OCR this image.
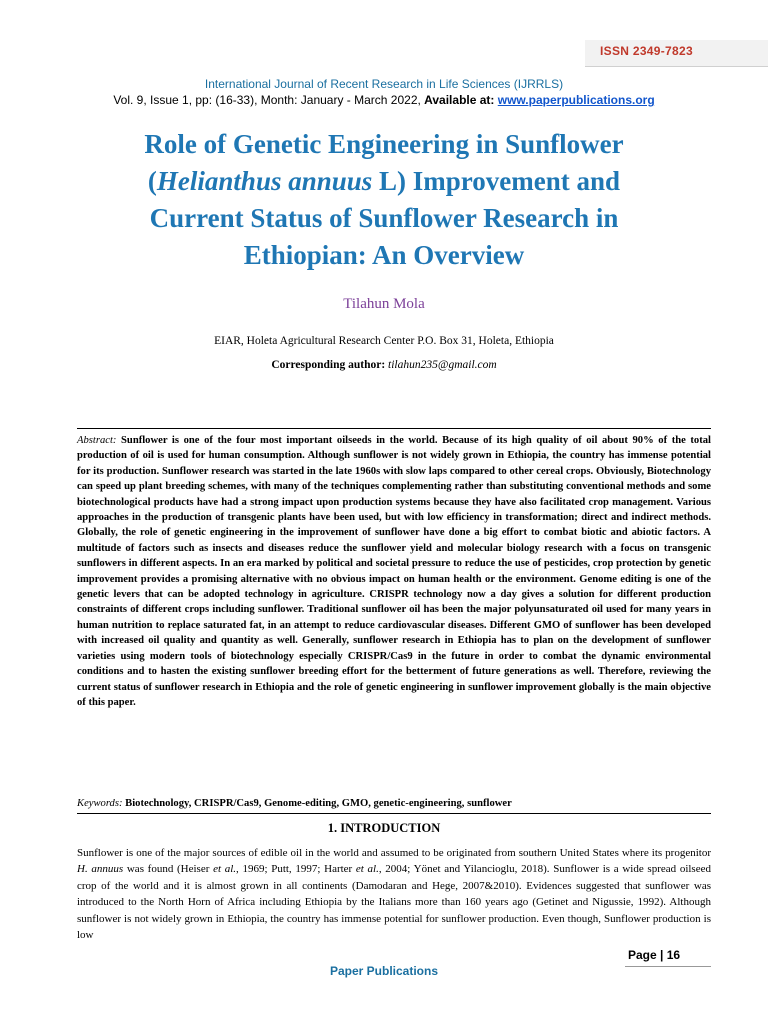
ISSN 2349-7823
International Journal of Recent Research in Life Sciences (IJRRLS)
Vol. 9, Issue 1, pp: (16-33), Month: January - March 2022, Available at: www.paperpublications.org
Role of Genetic Engineering in Sunflower
(Helianthus annuus L) Improvement and
Current Status of Sunflower Research in
Ethiopian: An Overview
Tilahun Mola
EIAR, Holeta Agricultural Research Center P.O. Box 31, Holeta, Ethiopia
Corresponding author: tilahun235@gmail.com

Abstract: Sunflower is one of the four most important oilseeds in the world. Because of its high quality of oil about 90% of the total production of oil is used for human consumption. Although sunflower is not widely grown in Ethiopia, the country has immense potential for its production. Sunflower research was started in the late 1960s with slow laps compared to other cereal crops. Obviously, Biotechnology can speed up plant breeding schemes, with many of the techniques complementing rather than substituting conventional methods and some biotechnological products have had a strong impact upon production systems because they have also facilitated crop management. Various approaches in the production of transgenic plants have been used, but with low efficiency in transformation; direct and indirect methods. Globally, the role of genetic engineering in the improvement of sunflower have done a big effort to combat biotic and abiotic factors. A multitude of factors such as insects and diseases reduce the sunflower yield and molecular biology research with a focus on transgenic sunflowers in different aspects. In an era marked by political and societal pressure to reduce the use of pesticides, crop protection by genetic improvement provides a promising alternative with no obvious impact on human health or the environment. Genome editing is one of the genetic levers that can be adopted technology in agriculture. CRISPR technology now a day gives a solution for different production constraints of different crops including sunflower. Traditional sunflower oil has been the major polyunsaturated oil used for many years in human nutrition to replace saturated fat, in an attempt to reduce cardiovascular diseases. Different GMO of sunflower has been developed with increased oil quality and quantity as well. Generally, sunflower research in Ethiopia has to plan on the development of sunflower varieties using modern tools of biotechnology especially CRISPR/Cas9 in the future in order to combat the dynamic environmental conditions and to hasten the existing sunflower breeding effort for the betterment of future generations as well. Therefore, reviewing the current status of sunflower research in Ethiopia and the role of genetic engineering in sunflower improvement globally is the main objective of this paper.

Keywords: Biotechnology, CRISPR/Cas9, Genome-editing, GMO, genetic-engineering, sunflower

1. INTRODUCTION

Sunflower is one of the major sources of edible oil in the world and assumed to be originated from southern United States where its progenitor H. annuus was found (Heiser et al., 1969; Putt, 1997; Harter et al., 2004; Yönet and Yilancioglu, 2018). Sunflower is a wide spread oilseed crop of the world and it is almost grown in all continents (Damodaran and Hege, 2007&2010). Evidences suggested that sunflower was introduced to the North Horn of Africa including Ethiopia by the Italians more than 160 years ago (Getinet and Nigussie, 1992). Although sunflower is not widely grown in Ethiopia, the country has immense potential for sunflower production. Even though, Sunflower production is low

Page | 16
Paper Publications
